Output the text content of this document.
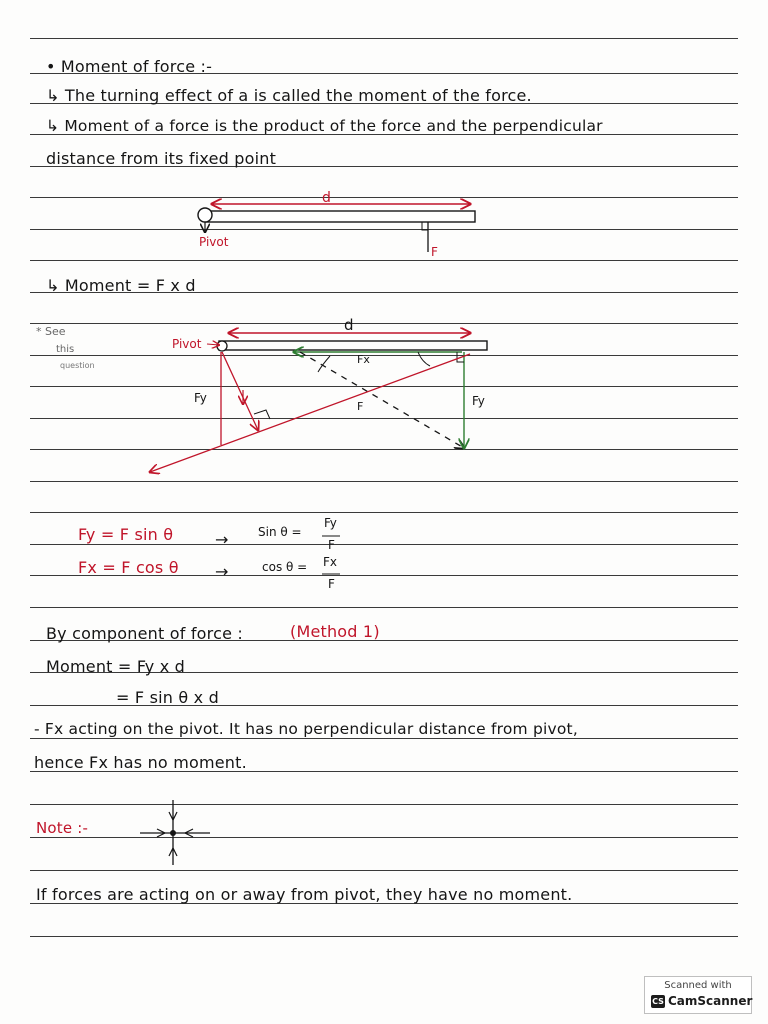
• Moment of force :-
↳ The turning effect of a is called the moment of the force.
↳ Moment of a force is the product of the force and the perpendicular
distance from its fixed point
↳ Moment = F x d
Fy = F sin θ
Fx = F cos θ
→
→
Sin θ =
Fy
F
cos θ = Fx
F
By component of force :	(Method 1)
Moment = Fy x d
= F sin θ x d
- Fx acting on the pivot. It has no perpendicular distance from pivot,
hence Fx has no moment.
Note :-
If forces are acting on or away from pivot, they have no moment.
d
Pivot
F
d
Pivot
Fx
F	Fy
Fy
* See
this
question
Scanned with
CS CamScanner
